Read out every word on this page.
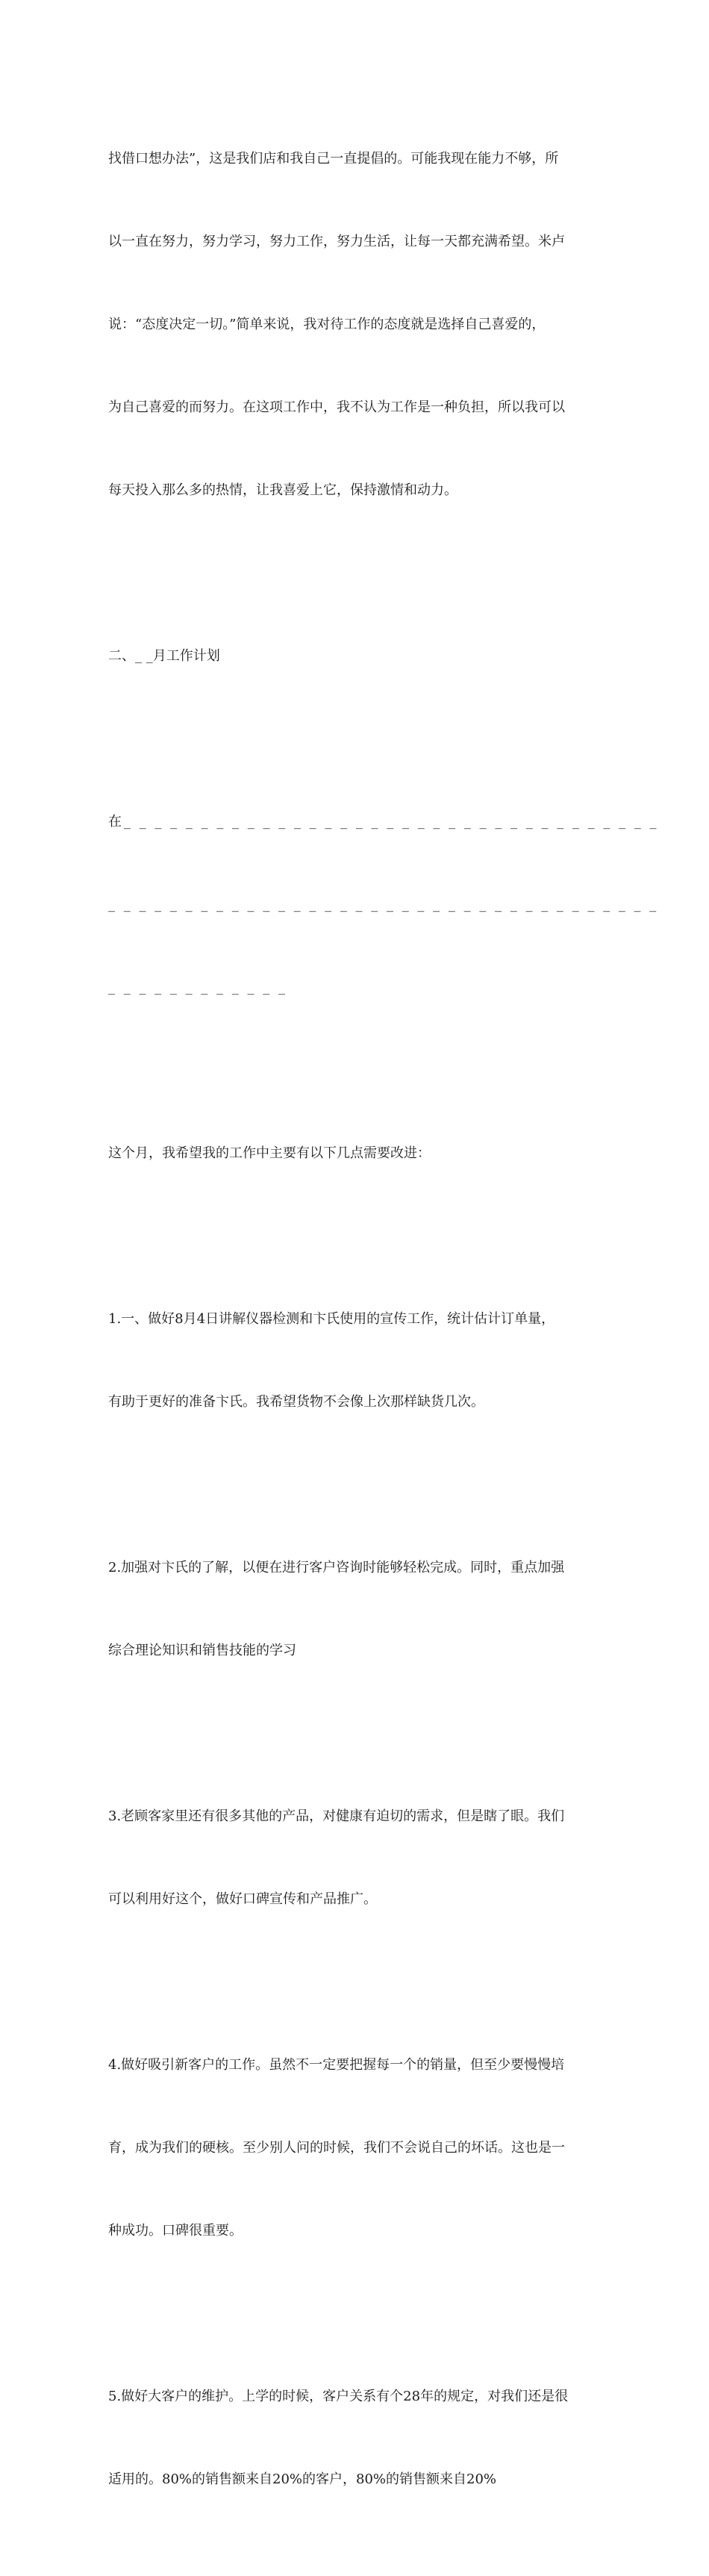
找借口想办法”，这是我们店和我自己一直提倡的。可能我现在能力不够，所

以一直在努力，努力学习，努力工作，努力生活，让每一天都充满希望。米卢

说：“态度决定一切。”简单来说，我对待工作的态度就是选择自己喜爱的，

为自己喜爱的而努力。在这项工作中，我不认为工作是一种负担，所以我可以

每天投入那么多的热情，让我喜爱上它，保持激情和动力。

二、_ _月工作计划

在_ _ _ _ _ _ _ _ _ _ _ _ _ _ _ _ _ _ _ _ _ _ _ _ _ _ _ _ _ _ _ _ _ _ _

_ _ _ _ _ _ _ _ _ _ _ _ _ _ _ _ _ _ _ _ _ _ _ _ _ _ _ _ _ _ _ _ _ _ _ _

_ _ _ _ _ _ _ _ _ _ _ _

这个月，我希望我的工作中主要有以下几点需要改进：

1.一、做好8月4日讲解仪器检测和卞氏使用的宣传工作，统计估计订单量，

有助于更好的准备卞氏。我希望货物不会像上次那样缺货几次。

2.加强对卞氏的了解，以便在进行客户咨询时能够轻松完成。同时，重点加强

综合理论知识和销售技能的学习

3.老顾客家里还有很多其他的产品，对健康有迫切的需求，但是瞎了眼。我们

可以利用好这个，做好口碑宣传和产品推广。

4.做好吸引新客户的工作。虽然不一定要把握每一个的销量，但至少要慢慢培

育，成为我们的硬核。至少别人问的时候，我们不会说自己的坏话。这也是一

种成功。口碑很重要。

5.做好大客户的维护。上学的时候，客户关系有个28年的规定，对我们还是很

适用的。80%的销售额来自20%的客户，80%的销售额来自20%
